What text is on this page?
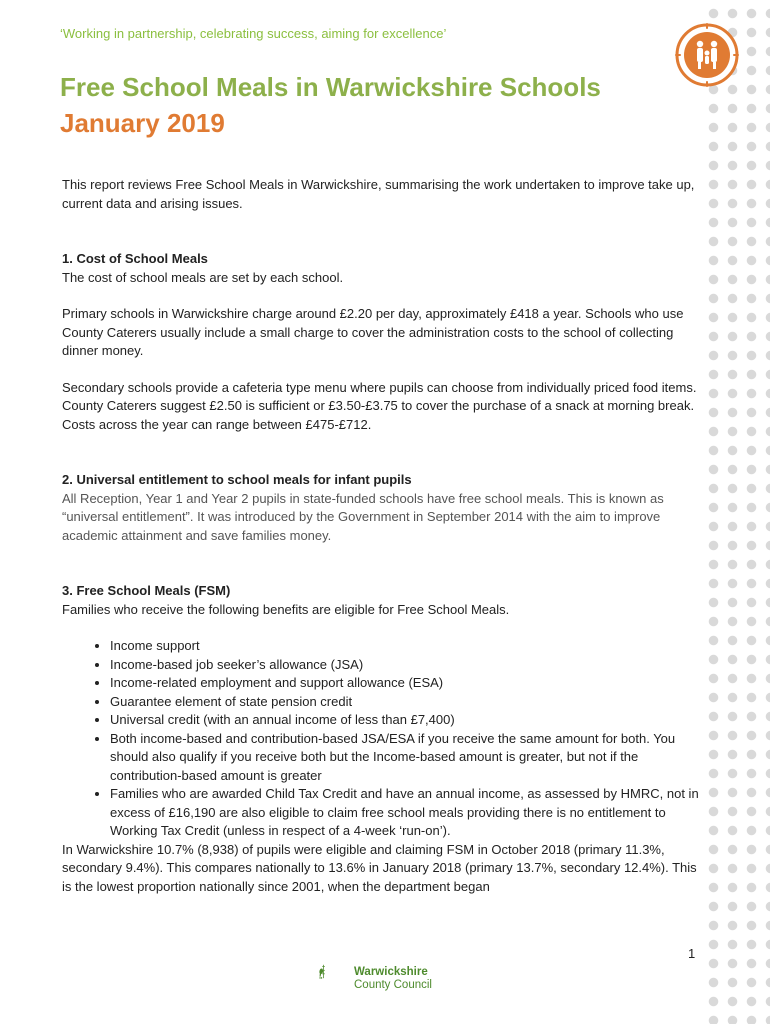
‘Working in partnership, celebrating success, aiming for excellence’
Free School Meals in Warwickshire Schools
January 2019

This report reviews Free School Meals in Warwickshire, summarising the work undertaken to improve take up, current data and arising issues.

1. Cost of School Meals

The cost of school meals are set by each school.

Primary schools in Warwickshire charge around £2.20 per day, approximately £418 a year. Schools who use County Caterers usually include a small charge to cover the administration costs to the school of collecting dinner money.

Secondary schools provide a cafeteria type menu where pupils can choose from individually priced food items. County Caterers suggest £2.50 is sufficient or £3.50-£3.75 to cover the purchase of a snack at morning break. Costs across the year can range between £475-£712.

2. Universal entitlement to school meals for infant pupils

All Reception, Year 1 and Year 2 pupils in state-funded schools have free school meals. This is known as “universal entitlement”. It was introduced by the Government in September 2014 with the aim to improve academic attainment and save families money.

3. Free School Meals (FSM)

Families who receive the following benefits are eligible for Free School Meals.

• Income support
• Income-based job seeker’s allowance (JSA)
• Income-related employment and support allowance (ESA)
• Guarantee element of state pension credit
• Universal credit (with an annual income of less than £7,400)
• Both income-based and contribution-based JSA/ESA if you receive the same amount for both. You should also qualify if you receive both but the Income-based amount is greater, but not if the contribution-based amount is greater
• Families who are awarded Child Tax Credit and have an annual income, as assessed by HMRC, not in excess of £16,190 are also eligible to claim free school meals providing there is no entitlement to Working Tax Credit (unless in respect of a 4-week ‘run-on’).

In Warwickshire 10.7% (8,938) of pupils were eligible and claiming FSM in October 2018 (primary 11.3%, secondary 9.4%). This compares nationally to 13.6% in January 2018 (primary 13.7%, secondary 12.4%). This is the lowest proportion nationally since 2001, when the department began

1
Warwickshire
County Council
